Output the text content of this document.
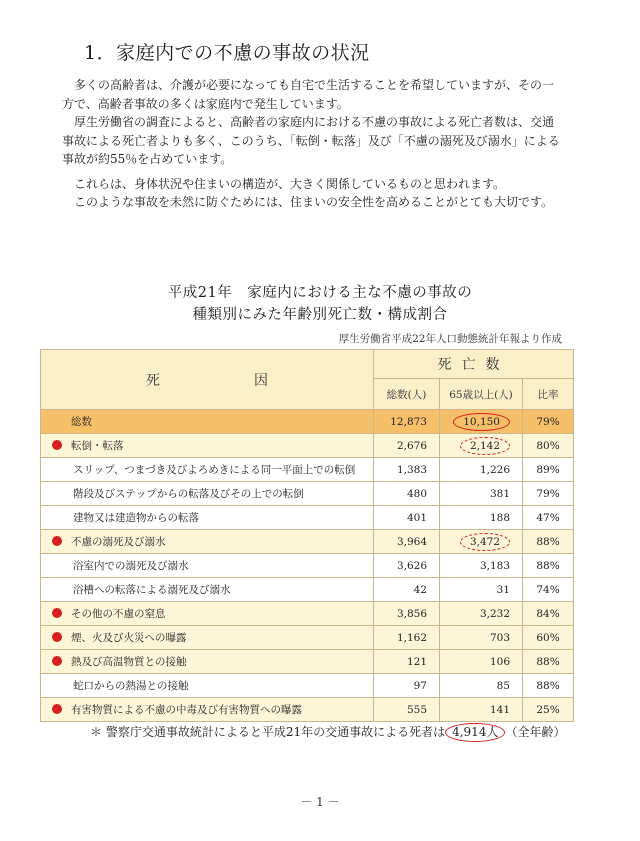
1．家庭内での不慮の事故の状況

多くの高齢者は、介護が必要になっても自宅で生活することを希望していますが、その一方で、高齢者事故の多くは家庭内で発生しています。

厚生労働省の調査によると、高齢者の家庭内における不慮の事故による死亡者数は、交通事故による死亡者よりも多く、このうち、「転倒・転落」及び「不慮の溺死及び溺水」による事故が約55％を占めています。

これらは、身体状況や住まいの構造が、大きく関係しているものと思われます。

このような事故を未然に防ぐためには、住まいの安全性を高めることがとても大切です。

平成21年　家庭内における主な不慮の事故の
種類別にみた年齢別死亡数・構成割合
厚生労働省平成22年人口動態統計年報より作成
死　因	死亡数		
	総数(人)	65歳以上(人)	比率
総数	12,873	10,150	79%

転倒・転落	2,676	2,142	80%
スリップ、つまづき及びよろめきによる同一平面上での転倒	1,383	1,226	89%
階段及びステップからの転落及びその上での転倒	480	381	79%
建物又は建造物からの転落	401	188	47%

不慮の溺死及び溺水	3,964	3,472	88%
浴室内での溺死及び溺水	3,626	3,183	88%
浴槽への転落による溺死及び溺水	42	31	74%

その他の不慮の窒息	3,856	3,232	84%

煙、火及び火災への曝露	1,162	703	60%

熱及び高温物質との接触	121	106	88%
蛇口からの熱湯との接触	97	85	88%

有害物質による不慮の中毒及び有害物質への曝露	555	141	25%
＊ 警察庁交通事故統計によると平成21年の交通事故による死者は 4,914人 （全年齢）
－ 1 －
